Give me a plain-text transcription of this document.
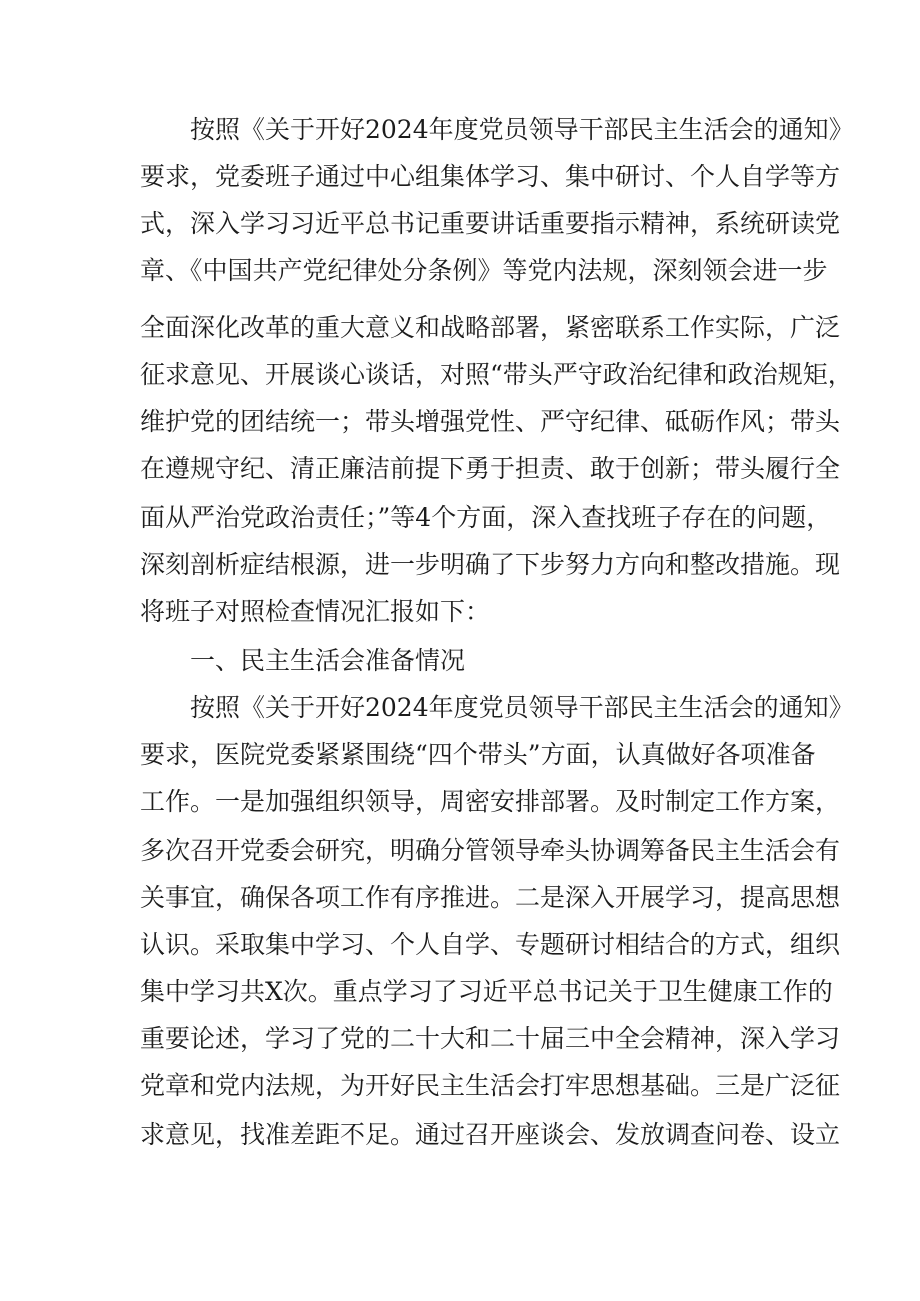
按照《关于开好2024年度党员领导干部民主生活会的通知》
要求，党委班子通过中心组集体学习、集中研讨、个人自学等方
式，深入学习习近平总书记重要讲话重要指示精神，系统研读党
章、《中国共产党纪律处分条例》等党内法规，深刻领会进一步
全面深化改革的重大意义和战略部署，紧密联系工作实际，广泛
征求意见、开展谈心谈话，对照“带头严守政治纪律和政治规矩，
维护党的团结统一；带头增强党性、严守纪律、砥砺作风；带头
在遵规守纪、清正廉洁前提下勇于担责、敢于创新；带头履行全
面从严治党政治责任；”等4个方面，深入查找班子存在的问题，
深刻剖析症结根源，进一步明确了下步努力方向和整改措施。现
将班子对照检查情况汇报如下：
一、民主生活会准备情况
按照《关于开好2024年度党员领导干部民主生活会的通知》
要求，医院党委紧紧围绕“四个带头”方面，认真做好各项准备
工作。一是加强组织领导，周密安排部署。及时制定工作方案，
多次召开党委会研究，明确分管领导牵头协调筹备民主生活会有
关事宜，确保各项工作有序推进。二是深入开展学习，提高思想
认识。采取集中学习、个人自学、专题研讨相结合的方式，组织
集中学习共X次。重点学习了习近平总书记关于卫生健康工作的
重要论述，学习了党的二十大和二十届三中全会精神，深入学习
党章和党内法规，为开好民主生活会打牢思想基础。三是广泛征
求意见，找准差距不足。通过召开座谈会、发放调查问卷、设立
